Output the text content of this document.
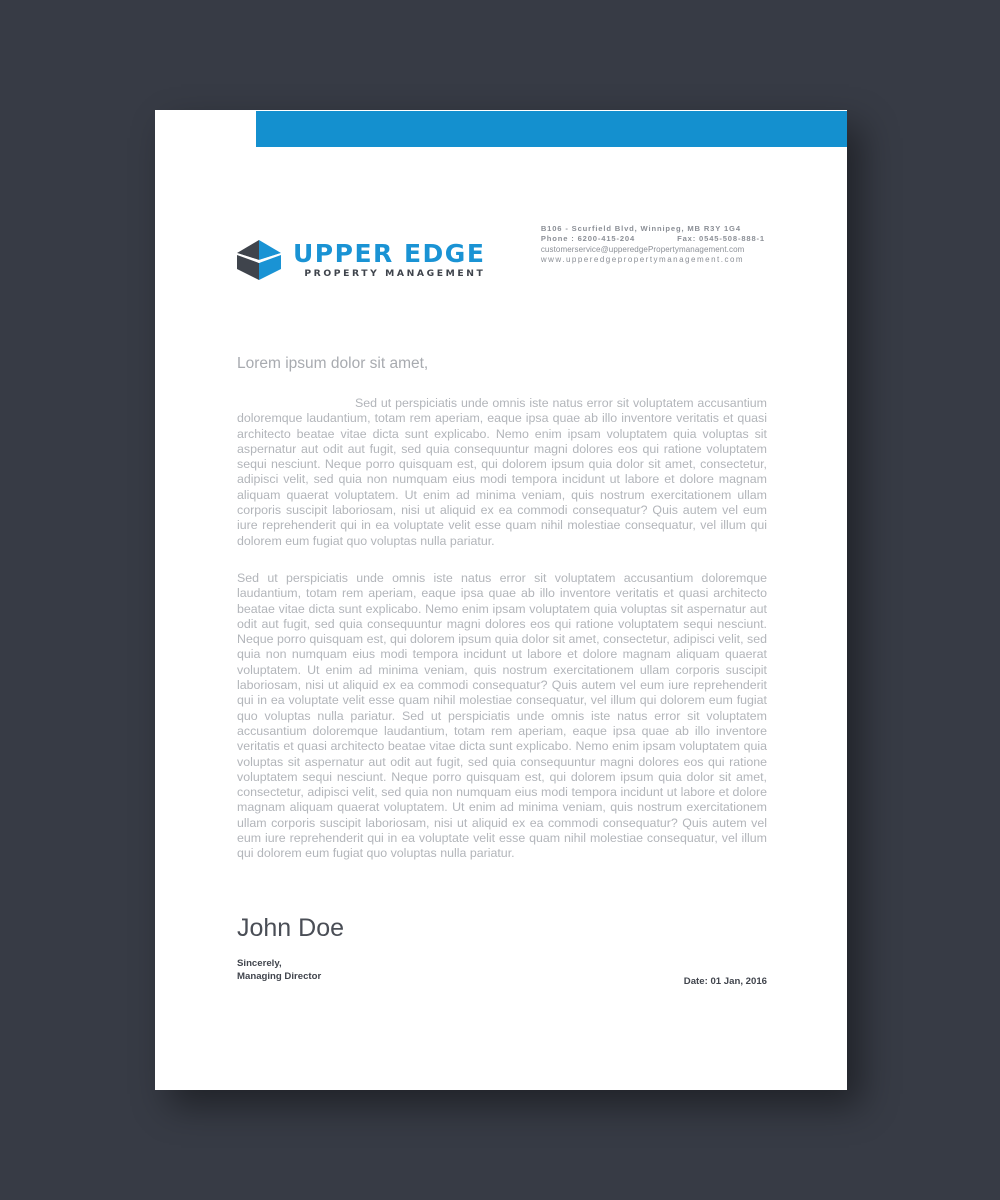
UPPER EDGE
PROPERTY MANAGEMENT
B106 - Scurfield Blvd, Winnipeg, MB R3Y 1G4
Phone : 6200-415-204	Fax: 0545-508-888-1
customerservice@upperedgePropertymanagement.com
www.upperedgepropertymanagement.com
Lorem ipsum dolor sit amet,

Sed ut perspiciatis unde omnis iste natus error sit voluptatem accusantium doloremque laudantium, totam rem aperiam, eaque ipsa quae ab illo inventore veritatis et quasi architecto beatae vitae dicta sunt explicabo. Nemo enim ipsam voluptatem quia voluptas sit aspernatur aut odit aut fugit, sed quia consequuntur magni dolores eos qui ratione voluptatem sequi nesciunt. Neque porro quisquam est, qui dolorem ipsum quia dolor sit amet, consectetur, adipisci velit, sed quia non numquam eius modi tempora incidunt ut labore et dolore magnam aliquam quaerat voluptatem. Ut enim ad minima veniam, quis nostrum exercitationem ullam corporis suscipit laboriosam, nisi ut aliquid ex ea commodi consequatur? Quis autem vel eum iure reprehenderit qui in ea voluptate velit esse quam nihil molestiae consequatur, vel illum qui dolorem eum fugiat quo voluptas nulla pariatur.

Sed ut perspiciatis unde omnis iste natus error sit voluptatem accusantium doloremque laudantium, totam rem aperiam, eaque ipsa quae ab illo inventore veritatis et quasi architecto beatae vitae dicta sunt explicabo. Nemo enim ipsam voluptatem quia voluptas sit aspernatur aut odit aut fugit, sed quia consequuntur magni dolores eos qui ratione voluptatem sequi nesciunt. Neque porro quisquam est, qui dolorem ipsum quia dolor sit amet, consectetur, adipisci velit, sed quia non numquam eius modi tempora incidunt ut labore et dolore magnam aliquam quaerat voluptatem. Ut enim ad minima veniam, quis nostrum exercitationem ullam corporis suscipit laboriosam, nisi ut aliquid ex ea commodi consequatur? Quis autem vel eum iure reprehenderit qui in ea voluptate velit esse quam nihil molestiae consequatur, vel illum qui dolorem eum fugiat quo voluptas nulla pariatur. Sed ut perspiciatis unde omnis iste natus error sit voluptatem accusantium doloremque laudantium, totam rem aperiam, eaque ipsa quae ab illo inventore veritatis et quasi architecto beatae vitae dicta sunt explicabo. Nemo enim ipsam voluptatem quia voluptas sit aspernatur aut odit aut fugit, sed quia consequuntur magni dolores eos qui ratione voluptatem sequi nesciunt. Neque porro quisquam est, qui dolorem ipsum quia dolor sit amet, consectetur, adipisci velit, sed quia non numquam eius modi tempora incidunt ut labore et dolore magnam aliquam quaerat voluptatem. Ut enim ad minima veniam, quis nostrum exercitationem ullam corporis suscipit laboriosam, nisi ut aliquid ex ea commodi consequatur? Quis autem vel eum iure reprehenderit qui in ea voluptate velit esse quam nihil molestiae consequatur, vel illum qui dolorem eum fugiat quo voluptas nulla pariatur.

John Doe
Sincerely,
Managing Director	Date: 01 Jan, 2016
